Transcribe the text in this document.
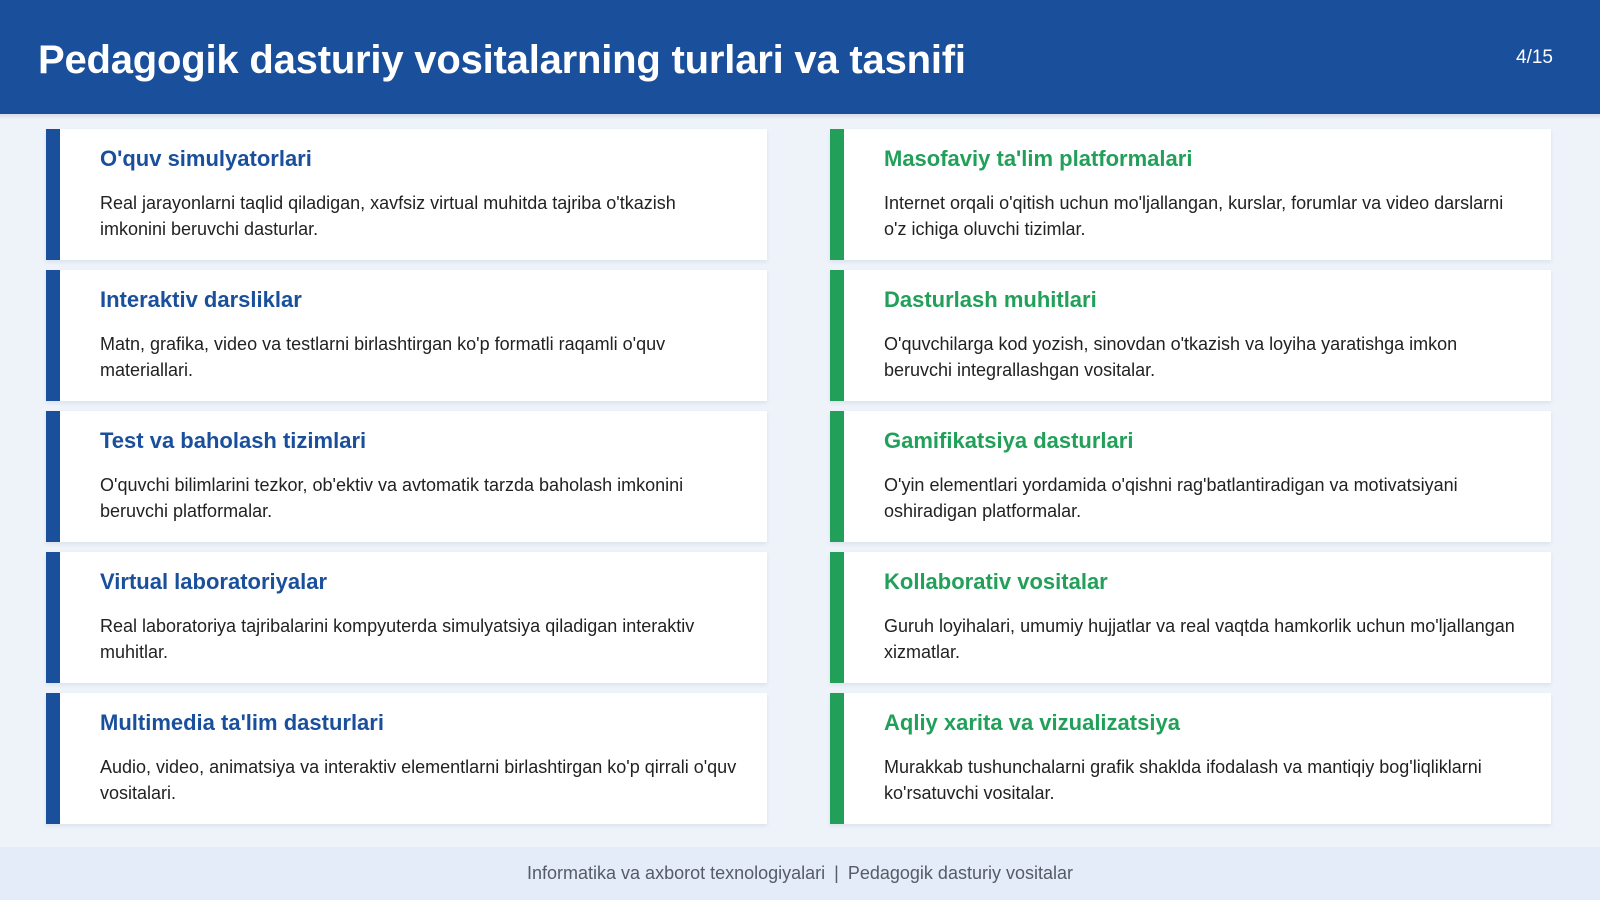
Pedagogik dasturiy vositalarning turlari va tasnifi	4/15
O'quv simulyatorlari

Real jarayonlarni taqlid qiladigan, xavfsiz virtual muhitda tajriba o'tkazish imkonini beruvchi dasturlar.

Masofaviy ta'lim platformalari

Internet orqali o'qitish uchun mo'ljallangan, kurslar, forumlar va video darslarni o'z ichiga oluvchi tizimlar.

Interaktiv darsliklar

Matn, grafika, video va testlarni birlashtirgan ko'p formatli raqamli o'quv materiallari.

Dasturlash muhitlari

O'quvchilarga kod yozish, sinovdan o'tkazish va loyiha yaratishga imkon beruvchi integrallashgan vositalar.

Test va baholash tizimlari

O'quvchi bilimlarini tezkor, ob'ektiv va avtomatik tarzda baholash imkonini beruvchi platformalar.

Gamifikatsiya dasturlari

O'yin elementlari yordamida o'qishni rag'batlantiradigan va motivatsiyani oshiradigan platformalar.

Virtual laboratoriyalar

Real laboratoriya tajribalarini kompyuterda simulyatsiya qiladigan interaktiv muhitlar.

Kollaborativ vositalar

Guruh loyihalari, umumiy hujjatlar va real vaqtda hamkorlik uchun mo'ljallangan xizmatlar.

Multimedia ta'lim dasturlari

Audio, video, animatsiya va interaktiv elementlarni birlashtirgan ko'p qirrali o'quv vositalari.

Aqliy xarita va vizualizatsiya

Murakkab tushunchalarni grafik shaklda ifodalash va mantiqiy bog'liqliklarni ko'rsatuvchi vositalar.

Informatika va axborot texnologiyalari | Pedagogik dasturiy vositalar
